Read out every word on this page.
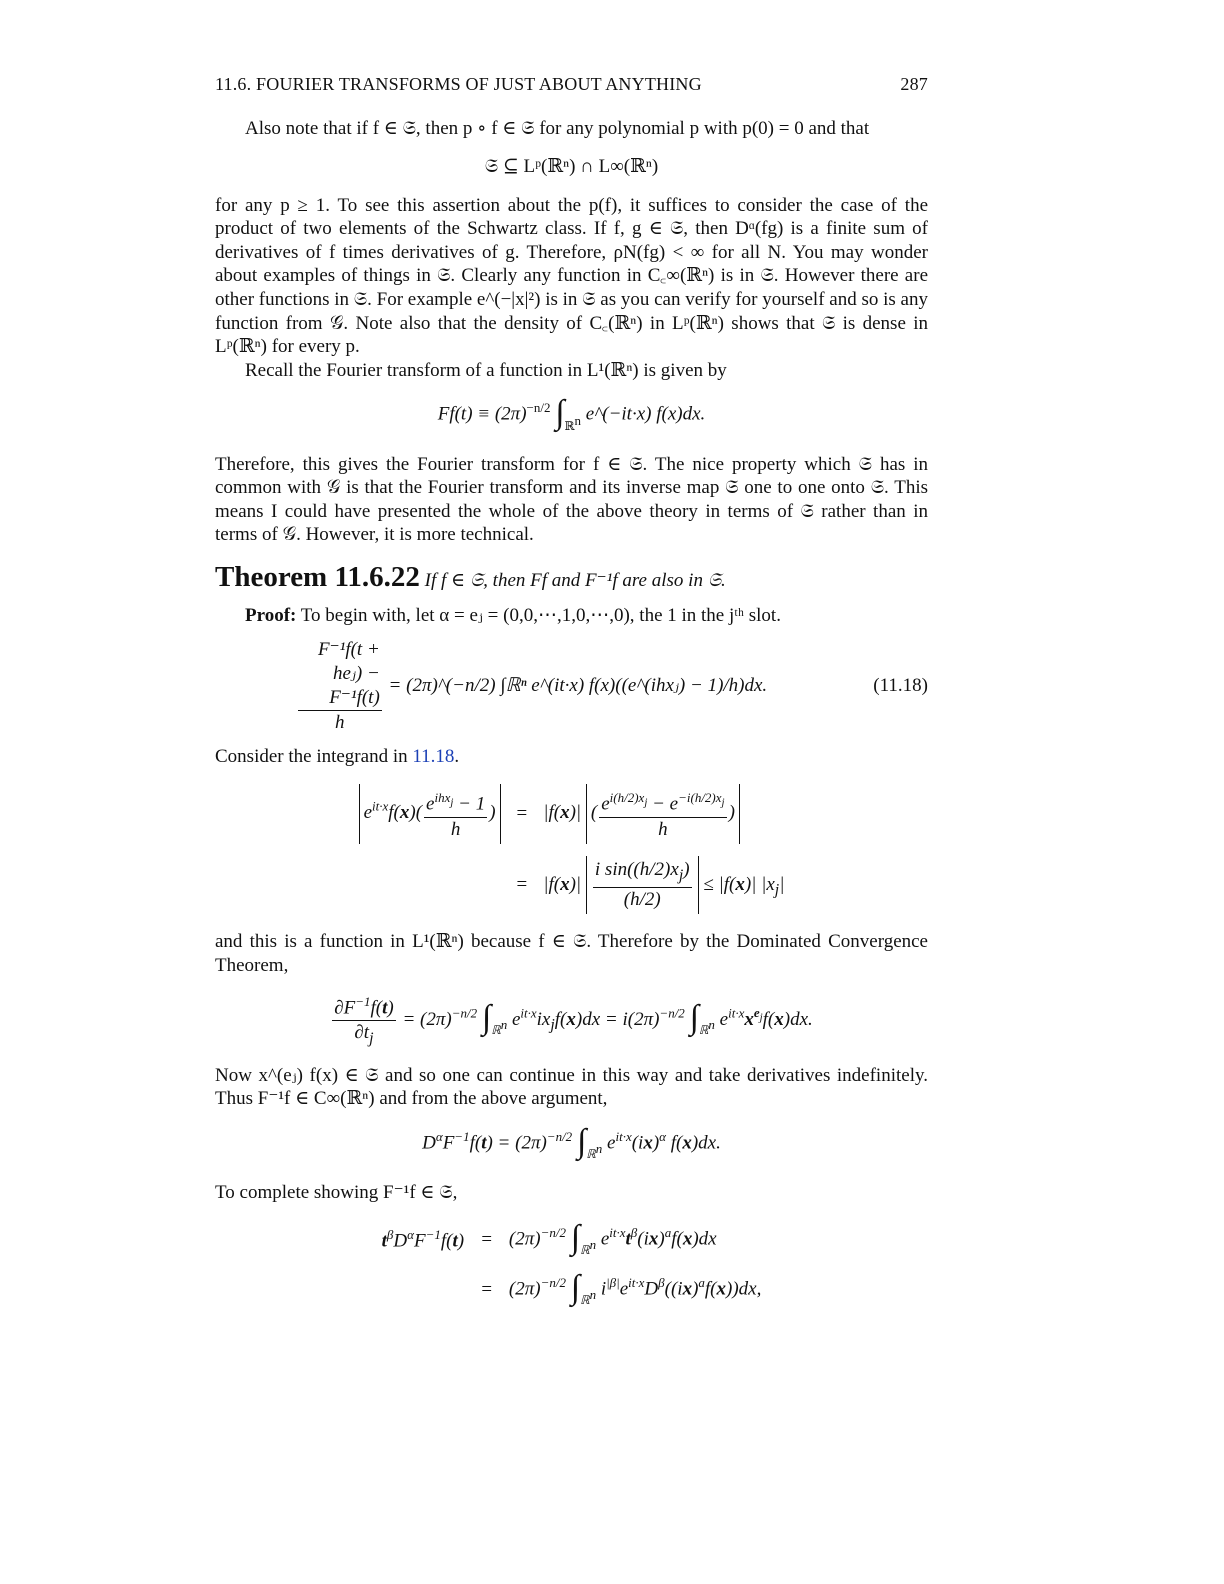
11.6. FOURIER TRANSFORMS OF JUST ABOUT ANYTHING	287

Also note that if f ∈ 𝔖, then p ∘ f ∈ 𝔖 for any polynomial p with p(0) = 0 and that

𝔖 ⊆ Lᵖ(ℝⁿ) ∩ L∞(ℝⁿ)

for any p ≥ 1. To see this assertion about the p(f), it suffices to consider the case of the product of two elements of the Schwartz class. If f, g ∈ 𝔖, then Dᵅ(fg) is a finite sum of derivatives of f times derivatives of g. Therefore, ρN(fg) < ∞ for all N. You may wonder about examples of things in 𝔖. Clearly any function in C꜀∞(ℝⁿ) is in 𝔖. However there are other functions in 𝔖. For example e^(−|x|²) is in 𝔖 as you can verify for yourself and so is any function from 𝒢. Note also that the density of C꜀(ℝⁿ) in Lᵖ(ℝⁿ) shows that 𝔖 is dense in Lᵖ(ℝⁿ) for every p.

Recall the Fourier transform of a function in L¹(ℝⁿ) is given by

$Ff(t) \equiv (2\pi)^{-n/2}$ $\int_{ℝ^n}$ e^(−it·x) f(x)dx.

Therefore, this gives the Fourier transform for f ∈ 𝔖. The nice property which 𝔖 has in common with 𝒢 is that the Fourier transform and its inverse map 𝔖 one to one onto 𝔖. This means I could have presented the whole of the above theory in terms of 𝔖 rather than in terms of 𝒢. However, it is more technical.

Theorem 11.6.22 If f ∈ 𝔖, then Ff and F⁻¹f are also in 𝔖.

Proof: To begin with, let α = eⱼ = (0,0,⋯,1,0,⋯,0), the 1 in the jᵗʰ slot.

$\frac{\text{F⁻¹f(t + heⱼ) − F⁻¹f(t)}}{h}$ = (2π)^(−n/2) ∫ℝⁿ e^(it·x) f(x)((e^(ihxⱼ) − 1)/h)dx.	(11.18)

Consider the integrand in 11.18.

$e^{it\cdot x}f(x)( \frac{e^{ihx_j} - 1}{h}$ )	=	|f(x)| ( $\frac{e^{i(h/2)x_j} - e^{-i(h/2)x_j}}{h}$ )
	=	$|f(x)| \frac{i \sin((h/2)x_j)}{(h/2)} \le |f(x)|$ $|x_j|$

and this is a function in L¹(ℝⁿ) because f ∈ 𝔖. Therefore by the Dominated Convergence Theorem,

$\frac{\partial F^{-1}f(t)}{\partial t_j} = (2\pi)^{-n/2}$ $\int_{ℝ^n}$ $e^{it\cdot x}ix_jf(x)dx = i(2\pi)^{-n/2}$ $\int_{ℝ^n}$ $e^{it\cdot x}x^{e_j}f(x)dx$.

Now x^(eⱼ) f(x) ∈ 𝔖 and so one can continue in this way and take derivatives indefinitely. Thus F⁻¹f ∈ C∞(ℝⁿ) and from the above argument,

$D^\alpha F^{-1}f(t) = (2\pi)^{-n/2}$ $\int_{ℝ^n}$ $e^{it\cdot x}(ix)^\alpha$ f(x)dx.

To complete showing F⁻¹f ∈ 𝔖,

$t^\beta D^\alpha F^{-1}f(t)$	=	$(2\pi)^{-n/2}$ $\int_{ℝ^n}$ $e^{it\cdot x}t^\beta(ix)^af(x)dx$
	=	$(2\pi)^{-n/2}$ $\int_{ℝ^n}$ $i^{|\beta|}e^{it\cdot x}D^\beta((ix)^af(x))dx$,
